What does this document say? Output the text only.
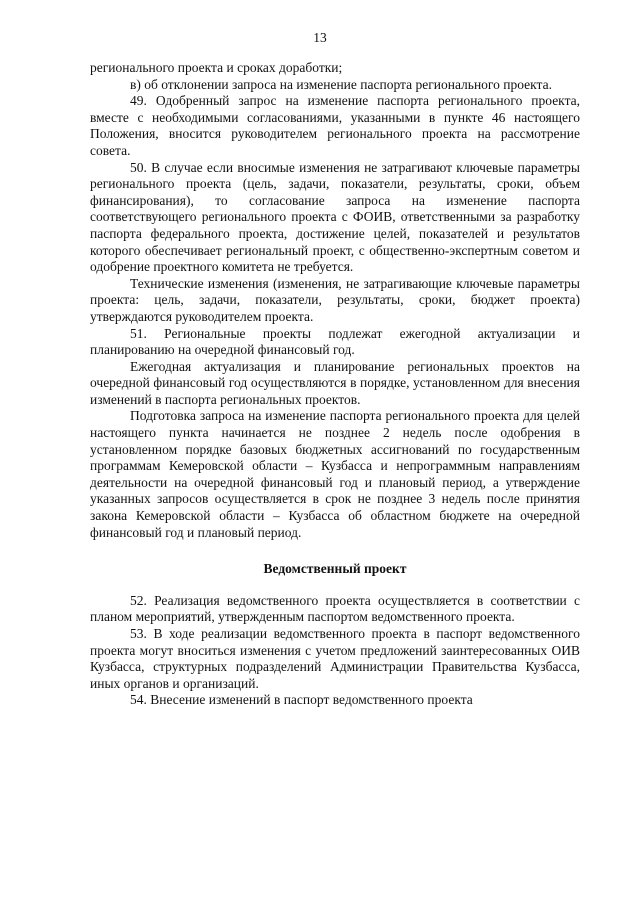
13

регионального проекта и сроках доработки;

в) об отклонении запроса на изменение паспорта регионального проекта.

49. Одобренный запрос на изменение паспорта регионального проекта, вместе с необходимыми согласованиями, указанными в пункте 46 настоящего Положения, вносится руководителем регионального проекта на рассмотрение совета.

50. В случае если вносимые изменения не затрагивают ключевые параметры регионального проекта (цель, задачи, показатели, результаты, сроки, объем финансирования), то согласование запроса на изменение паспорта соответствующего регионального проекта с ФОИВ, ответственными за разработку паспорта федерального проекта, достижение целей, показателей и результатов которого обеспечивает региональный проект, с общественно-экспертным советом и одобрение проектного комитета не требуется.

Технические изменения (изменения, не затрагивающие ключевые параметры проекта: цель, задачи, показатели, результаты, сроки, бюджет проекта) утверждаются руководителем проекта.

51. Региональные проекты подлежат ежегодной актуализации и планированию на очередной финансовый год.

Ежегодная актуализация и планирование региональных проектов на очередной финансовый год осуществляются в порядке, установленном для внесения изменений в паспорта региональных проектов.

Подготовка запроса на изменение паспорта регионального проекта для целей настоящего пункта начинается не позднее 2 недель после одобрения в установленном порядке базовых бюджетных ассигнований по государственным программам Кемеровской области – Кузбасса и непрограммным направлениям деятельности на очередной финансовый год и плановый период, а утверждение указанных запросов осуществляется в срок не позднее 3 недель после принятия закона Кемеровской области – Кузбасса об областном бюджете на очередной финансовый год и плановый период.

Ведомственный проект

52. Реализация ведомственного проекта осуществляется в соответствии с планом мероприятий, утвержденным паспортом ведомственного проекта.

53. В ходе реализации ведомственного проекта в паспорт ведомственного проекта могут вноситься изменения с учетом предложений заинтересованных ОИВ Кузбасса, структурных подразделений Администрации Правительства Кузбасса, иных органов и организаций.

54. Внесение изменений в паспорт ведомственного проекта
